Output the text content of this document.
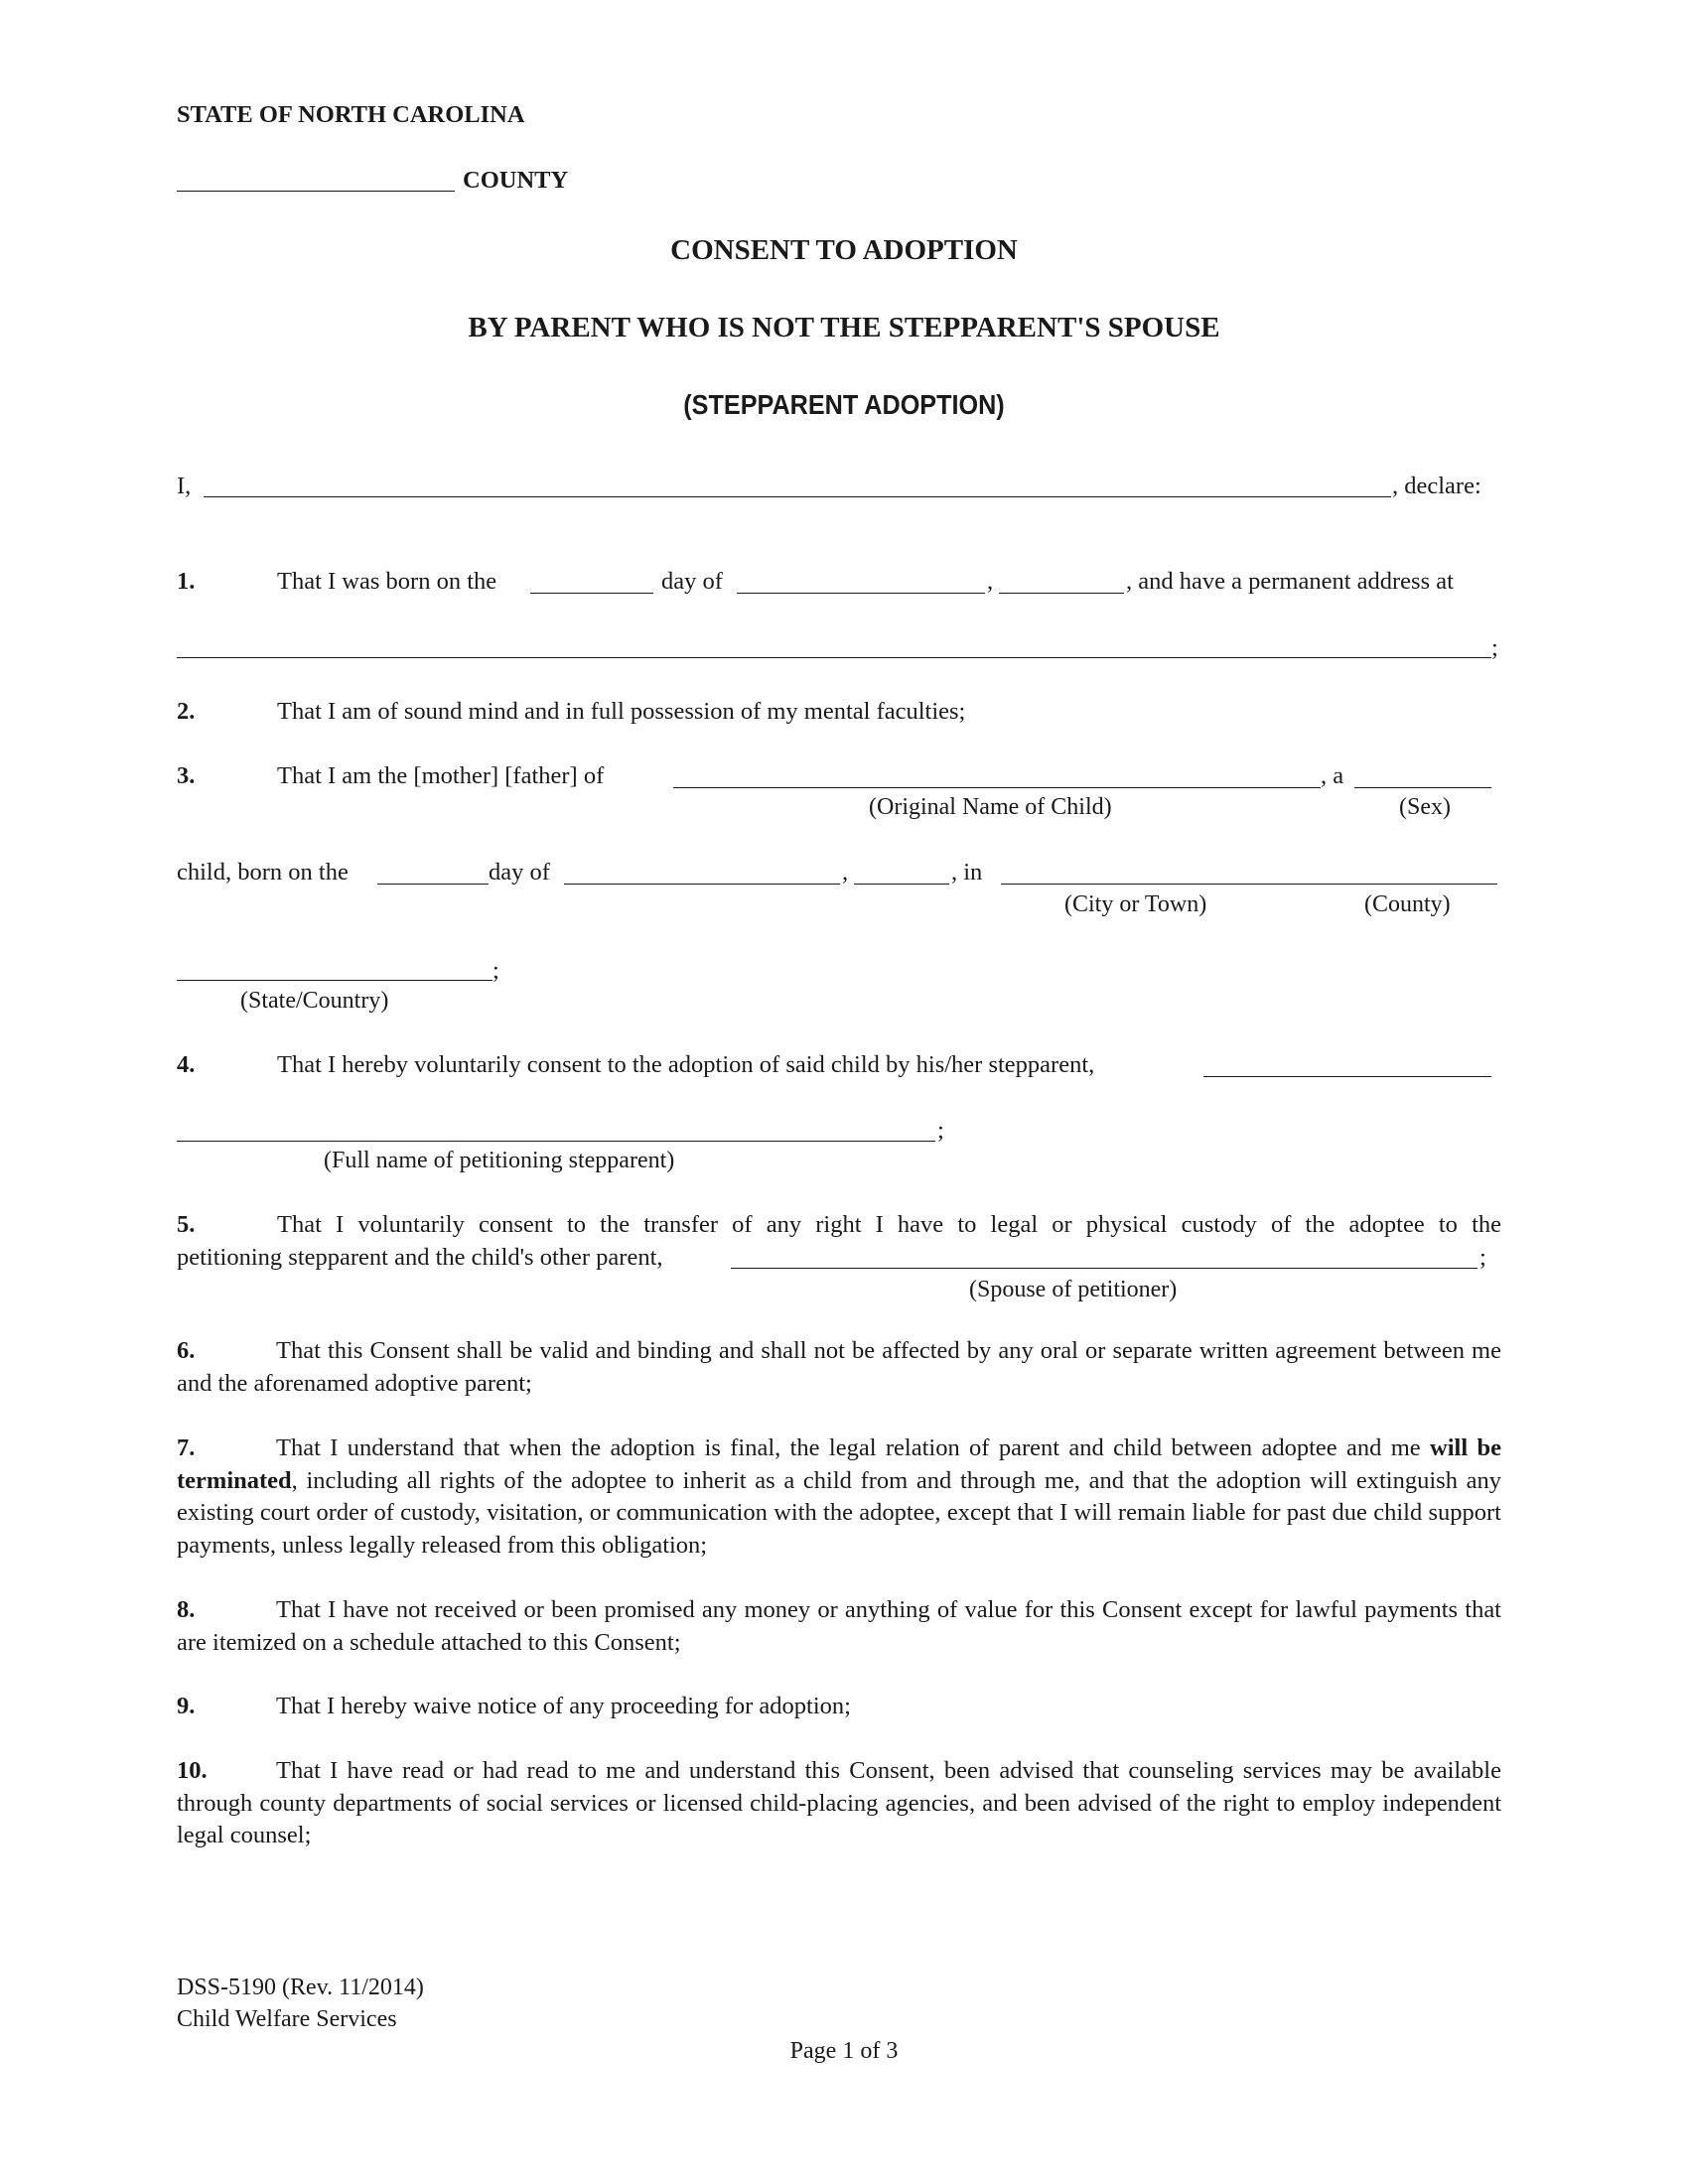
STATE OF NORTH CAROLINA
COUNTY
CONSENT TO ADOPTION
BY PARENT WHO IS NOT THE STEPPARENT'S SPOUSE
(STEPPARENT ADOPTION)
I,	, declare:
1.	That I was born on the	day of	,	, and have a permanent address at
;
2.	That I am of sound mind and in full possession of my mental faculties;
3.	That I am the [mother] [father] of	, a
(Original Name of Child)	(Sex)
child, born on the	day of	,	, in
(City or Town)	(County)
;
(State/Country)
4.	That I hereby voluntarily consent to the adoption of said child by his/her stepparent,
;
(Full name of petitioning stepparent)
5.	That I voluntarily consent to the transfer of any right I have to legal or physical custody of the adoptee to the
petitioning stepparent and the child's other parent,	;
(Spouse of petitioner)
6.	That this Consent shall be valid and binding and shall not be affected by any oral or separate written agreement between me and the aforenamed adoptive parent;
7.	That I understand that when the adoption is final, the legal relation of parent and child between adoptee and me will be terminated, including all rights of the adoptee to inherit as a child from and through me, and that the adoption will extinguish any existing court order of custody, visitation, or communication with the adoptee, except that I will remain liable for past due child support payments, unless legally released from this obligation;
8.	That I have not received or been promised any money or anything of value for this Consent except for lawful payments that are itemized on a schedule attached to this Consent;
9.	That I hereby waive notice of any proceeding for adoption;
10.	That I have read or had read to me and understand this Consent, been advised that counseling services may be available through county departments of social services or licensed child-placing agencies, and been advised of the right to employ independent legal counsel;
DSS-5190 (Rev. 11/2014)
Child Welfare Services
Page 1 of 3
